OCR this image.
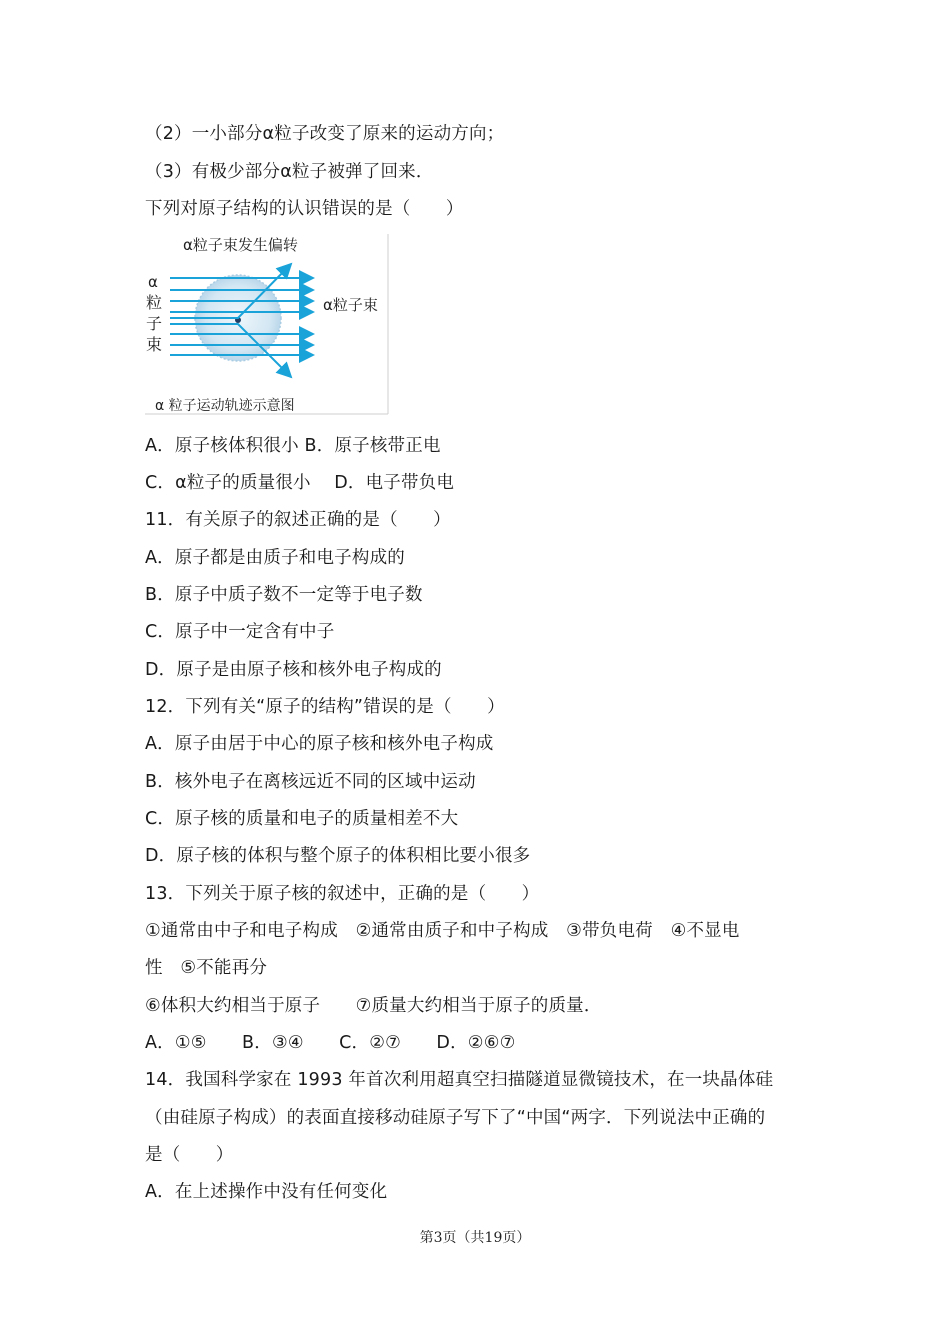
（2）一小部分α粒子改变了原来的运动方向；
（3）有极少部分α粒子被弹了回来．
下列对原子结构的认识错误的是（　　）
α粒子束发生偏转
α粒子束
α
粒
子
束
α 粒子运动轨迹示意图
A．原子核体积很小 B．原子核带正电
C．α粒子的质量很小 　D．电子带负电
11．有关原子的叙述正确的是（　　）
A．原子都是由质子和电子构成的
B．原子中质子数不一定等于电子数
C．原子中一定含有中子
D．原子是由原子核和核外电子构成的
12．下列有关“原子的结构”错误的是（　　）
A．原子由居于中心的原子核和核外电子构成
B．核外电子在离核远近不同的区域中运动
C．原子核的质量和电子的质量相差不大
D．原子核的体积与整个原子的体积相比要小很多
13．下列关于原子核的叙述中，正确的是（　　）
①通常由中子和电子构成　②通常由质子和中子构成　③带负电荷　④不显电
性　⑤不能再分
⑥体积大约相当于原子　　⑦质量大约相当于原子的质量．
A．①⑤　　B．③④　　C．②⑦　　D．②⑥⑦
14．我国科学家在 1993 年首次利用超真空扫描隧道显微镜技术，在一块晶体硅
（由硅原子构成）的表面直接移动硅原子写下了“中国“两字．下列说法中正确的
是（　　）
A．在上述操作中没有任何变化
第3页（共19页）
